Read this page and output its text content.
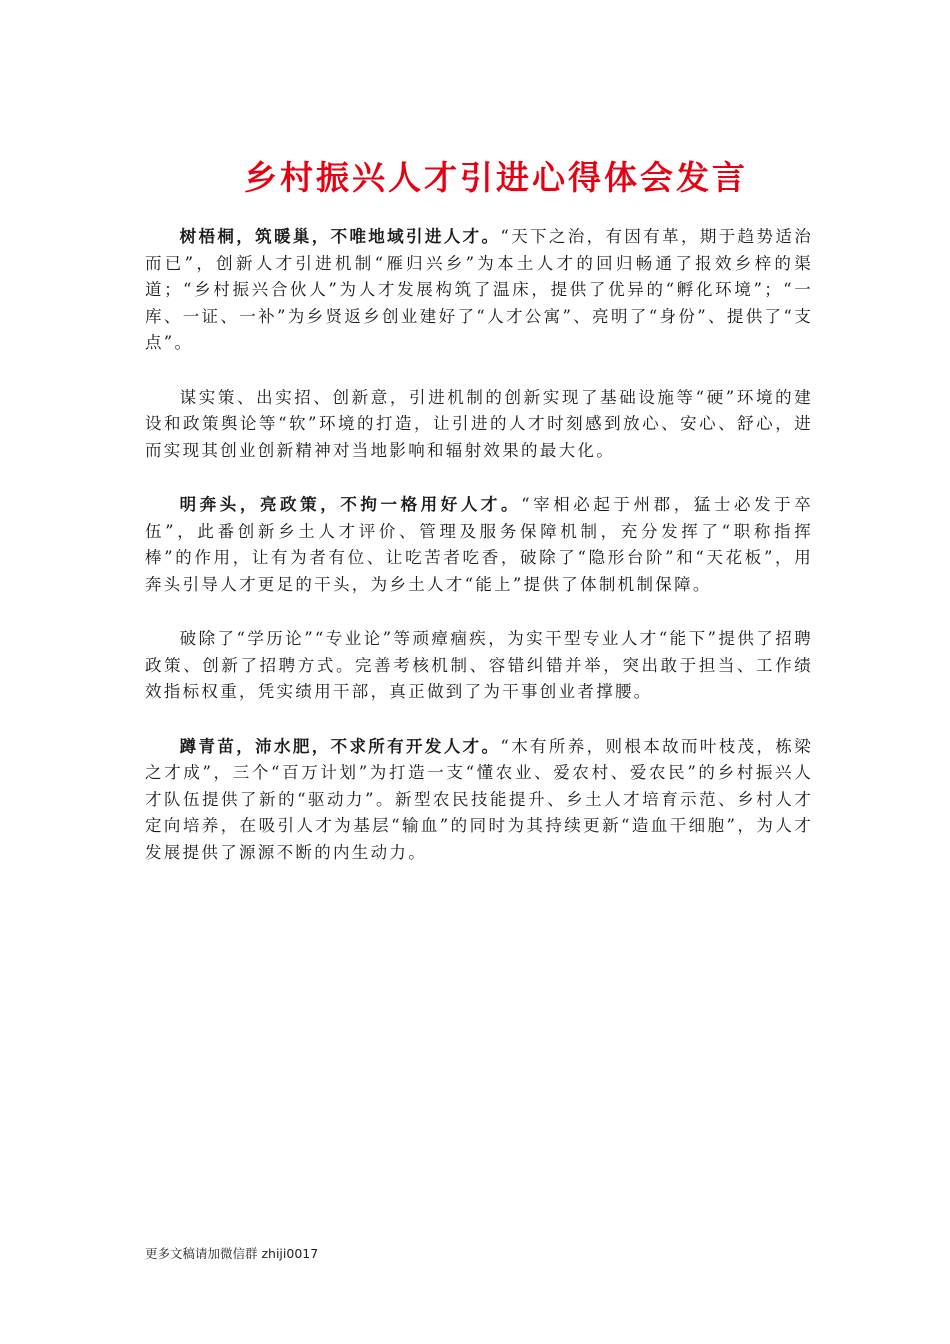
乡村振兴人才引进心得体会发言

树梧桐，筑暖巢，不唯地域引进人才。“天下之治，有因有革，期于趋势适治而已”，创新人才引进机制“雁归兴乡”为本土人才的回归畅通了报效乡梓的渠道；“乡村振兴合伙人”为人才发展构筑了温床，提供了优异的“孵化环境”；“一库、一证、一补”为乡贤返乡创业建好了“人才公寓”、亮明了“身份”、提供了“支点”。

谋实策、出实招、创新意，引进机制的创新实现了基础设施等“硬”环境的建设和政策舆论等“软”环境的打造，让引进的人才时刻感到放心、安心、舒心，进而实现其创业创新精神对当地影响和辐射效果的最大化。

明奔头，亮政策，不拘一格用好人才。“宰相必起于州郡，猛士必发于卒伍”，此番创新乡土人才评价、管理及服务保障机制，充分发挥了“职称指挥棒”的作用，让有为者有位、让吃苦者吃香，破除了“隐形台阶”和“天花板”，用奔头引导人才更足的干头，为乡土人才“能上”提供了体制机制保障。

破除了“学历论”“专业论”等顽瘴痼疾，为实干型专业人才“能下”提供了招聘政策、创新了招聘方式。完善考核机制、容错纠错并举，突出敢于担当、工作绩效指标权重，凭实绩用干部，真正做到了为干事创业者撑腰。

蹲青苗，沛水肥，不求所有开发人才。“木有所养，则根本故而叶枝茂，栋梁之才成”，三个“百万计划”为打造一支“懂农业、爱农村、爱农民”的乡村振兴人才队伍提供了新的“驱动力”。新型农民技能提升、乡土人才培育示范、乡村人才定向培养，在吸引人才为基层“输血”的同时为其持续更新“造血干细胞”，为人才发展提供了源源不断的内生动力。

更多文稿请加微信群 zhiji0017
